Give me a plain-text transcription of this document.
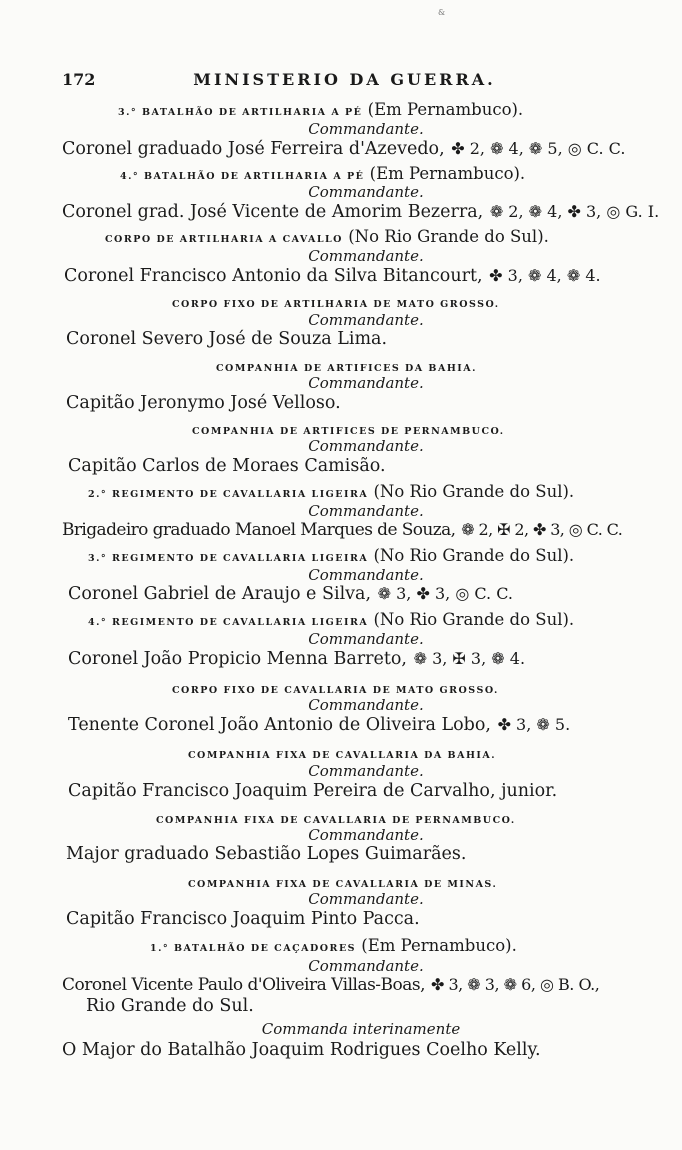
&
172	MINISTERIO DA GUERRA.
3.° BATALHÃO DE ARTILHARIA A PÉ (Em Pernambuco).
Commandante.
Coronel graduado José Ferreira d'Azevedo, ✤ 2, ❁ 4, ❁ 5, ◎ C. C.
4.° BATALHÃO DE ARTILHARIA A PÉ (Em Pernambuco).
Commandante.
Coronel grad. José Vicente de Amorim Bezerra, ❁ 2, ❁ 4, ✤ 3, ◎ G. I.
CORPO DE ARTILHARIA A CAVALLO (No Rio Grande do Sul).
Commandante.
Coronel Francisco Antonio da Silva Bitancourt, ✤ 3, ❁ 4, ❁ 4.
CORPO FIXO DE ARTILHARIA DE MATO GROSSO.
Commandante.
Coronel Severo José de Souza Lima.
COMPANHIA DE ARTIFICES DA BAHIA.
Commandante.
Capitão Jeronymo José Velloso.
COMPANHIA DE ARTIFICES DE PERNAMBUCO.
Commandante.
Capitão Carlos de Moraes Camisão.
2.° REGIMENTO DE CAVALLARIA LIGEIRA (No Rio Grande do Sul).
Commandante.
Brigadeiro graduado Manoel Marques de Souza, ❁ 2, ✠ 2, ✤ 3, ◎ C. C.
3.° REGIMENTO DE CAVALLARIA LIGEIRA (No Rio Grande do Sul).
Commandante.
Coronel Gabriel de Araujo e Silva, ❁ 3, ✤ 3, ◎ C. C.
4.° REGIMENTO DE CAVALLARIA LIGEIRA (No Rio Grande do Sul).
Commandante.
Coronel João Propicio Menna Barreto, ❁ 3, ✠ 3, ❁ 4.
CORPO FIXO DE CAVALLARIA DE MATO GROSSO.
Commandante.
Tenente Coronel João Antonio de Oliveira Lobo, ✤ 3, ❁ 5.
COMPANHIA FIXA DE CAVALLARIA DA BAHIA.
Commandante.
Capitão Francisco Joaquim Pereira de Carvalho, junior.
COMPANHIA FIXA DE CAVALLARIA DE PERNAMBUCO.
Commandante.
Major graduado Sebastião Lopes Guimarães.
COMPANHIA FIXA DE CAVALLARIA DE MINAS.
Commandante.
Capitão Francisco Joaquim Pinto Pacca.
1.° BATALHÃO DE CAÇADORES (Em Pernambuco).
Commandante.
Coronel Vicente Paulo d'Oliveira Villas-Boas, ✤ 3, ❁ 3, ❁ 6, ◎ B. O.,
Rio Grande do Sul.
Commanda interinamente
O Major do Batalhão Joaquim Rodrigues Coelho Kelly.
